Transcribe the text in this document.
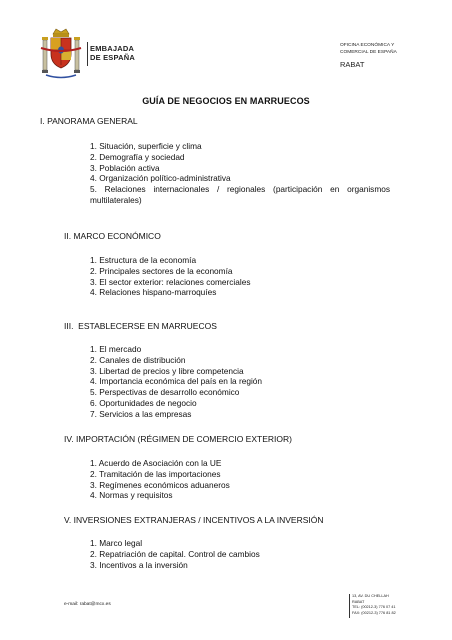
EMBAJADA
DE ESPAÑA
OFICINA ECONÓMICA Y
COMERCIAL DE ESPAÑA
RABAT
GUÍA DE NEGOCIOS EN MARRUECOS

I. PANORAMA GENERAL

1. Situación, superficie y clima
2. Demografía y sociedad
3. Población activa
4. Organización político-administrativa
5. Relaciones internacionales / regionales (participación en organismos multilaterales)

II. MARCO ECONÓMICO

1. Estructura de la economía
2. Principales sectores de la economía
3. El sector exterior: relaciones comerciales
4. Relaciones hispano-marroquíes

III.  ESTABLECERSE EN MARRUECOS

1. El mercado
2. Canales de distribución
3. Libertad de precios y libre competencia
4. Importancia económica del país en la región
5. Perspectivas de desarrollo económico
6. Oportunidades de negocio
7. Servicios a las empresas

IV. IMPORTACIÓN (RÉGIMEN DE COMERCIO EXTERIOR)

1. Acuerdo de Asociación con la UE
2. Tramitación de las importaciones
3. Regímenes económicos aduaneros
4. Normas y requisitos

V. INVERSIONES EXTRANJERAS / INCENTIVOS A LA INVERSIÓN

1. Marco legal
2. Repatriación de capital. Control de cambios
3. Incentivos a la inversión
e-mail: rabat@mcx.es
13, AV. DU CHELLAH
RABAT
TEL: (00212-3) 776 07 41
FAX: (00212-3) 776 81 82
